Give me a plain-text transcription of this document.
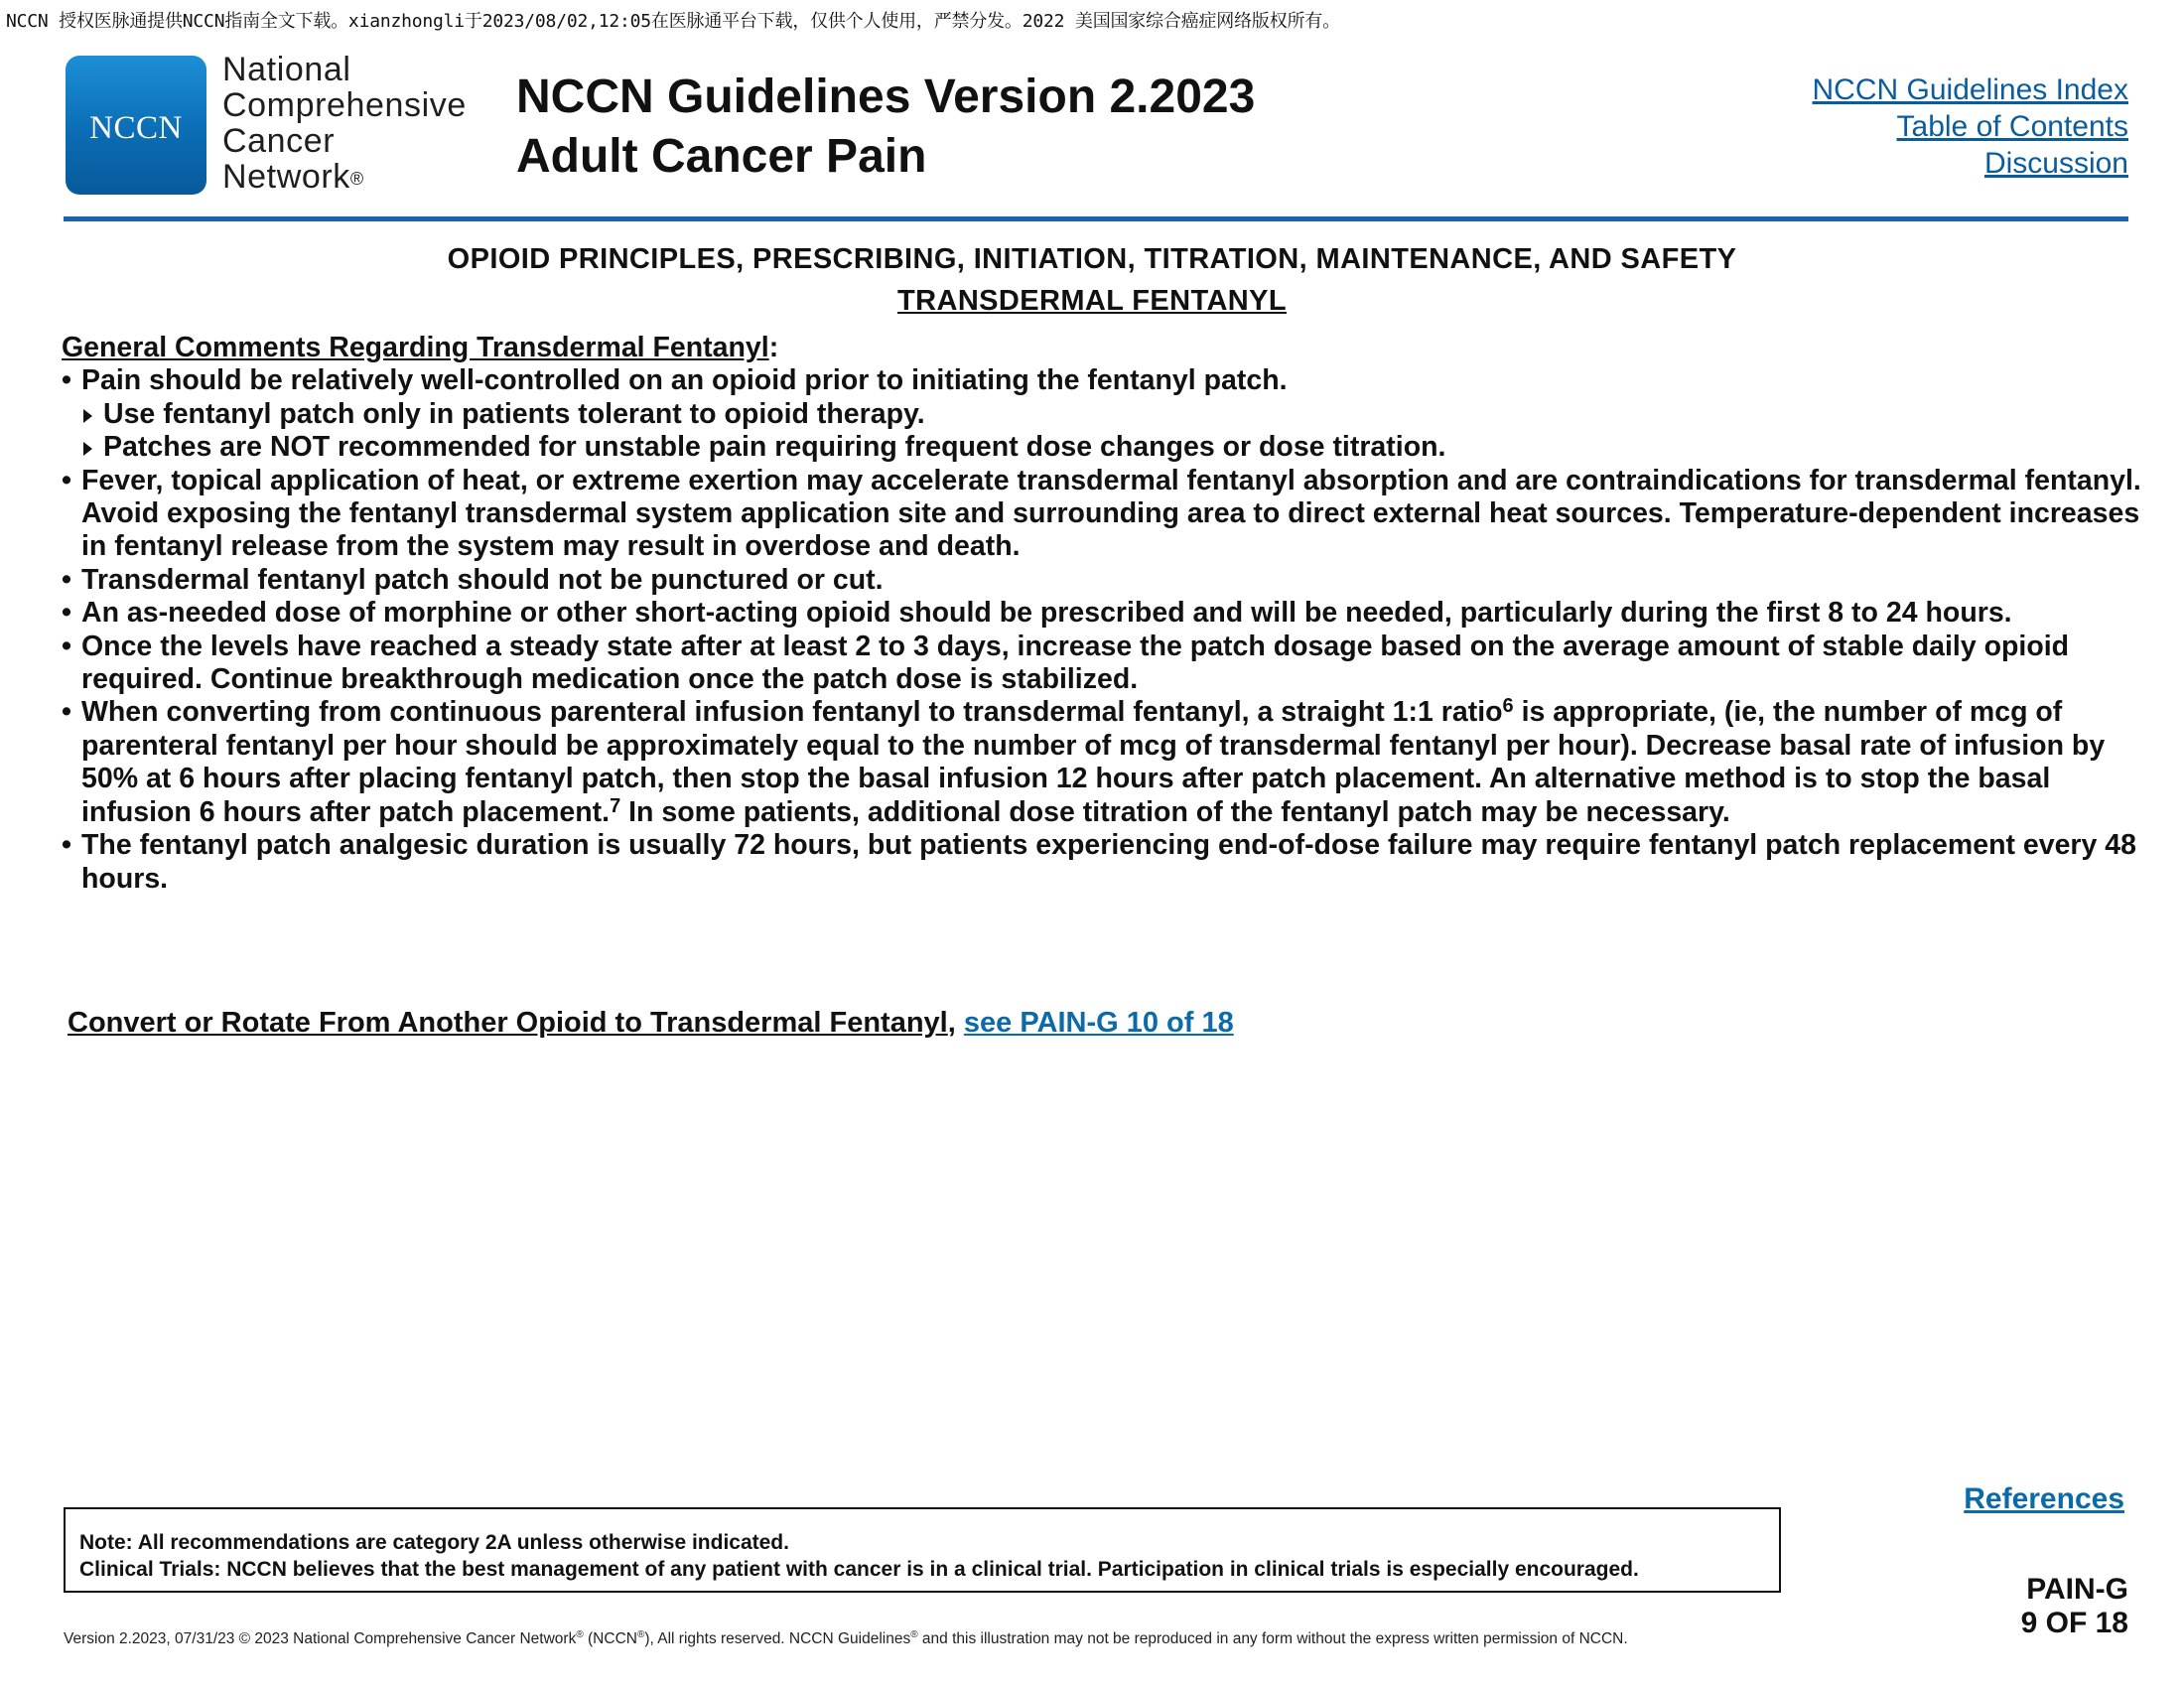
NCCN 授权医脉通提供NCCN指南全文下载。xianzhongli于2023/08/02,12:05在医脉通平台下载，仅供个人使用，严禁分发。2022 美国国家综合癌症网络版权所有。
NCCN
National
Comprehensive
Cancer
Network®
NCCN Guidelines Version 2.2023
Adult Cancer Pain
NCCN Guidelines Index
Table of Contents
Discussion
OPIOID PRINCIPLES, PRESCRIBING, INITIATION, TITRATION, MAINTENANCE, AND SAFETY
TRANSDERMAL FENTANYL
General Comments Regarding Transdermal Fentanyl:
• Pain should be relatively well-controlled on an opioid prior to initiating the fentanyl patch.
Use fentanyl patch only in patients tolerant to opioid therapy.
Patches are NOT recommended for unstable pain requiring frequent dose changes or dose titration.
• Fever, topical application of heat, or extreme exertion may accelerate transdermal fentanyl absorption and are contraindications for transdermal fentanyl. Avoid exposing the fentanyl transdermal system application site and surrounding area to direct external heat sources. Temperature-dependent increases in fentanyl release from the system may result in overdose and death.
• Transdermal fentanyl patch should not be punctured or cut.
• An as-needed dose of morphine or other short-acting opioid should be prescribed and will be needed, particularly during the first 8 to 24 hours.
• Once the levels have reached a steady state after at least 2 to 3 days, increase the patch dosage based on the average amount of stable daily opioid required. Continue breakthrough medication once the patch dose is stabilized.
• When converting from continuous parenteral infusion fentanyl to transdermal fentanyl, a straight 1:1 ratio$^6$ is appropriate, (ie, the number of mcg of parenteral fentanyl per hour should be approximately equal to the number of mcg of transdermal fentanyl per hour). Decrease basal rate of infusion by 50% at 6 hours after placing fentanyl patch, then stop the basal infusion 12 hours after patch placement. An alternative method is to stop the basal infusion 6 hours after patch placement.$^7$ In some patients, additional dose titration of the fentanyl patch may be necessary.
• The fentanyl patch analgesic duration is usually 72 hours, but patients experiencing end-of-dose failure may require fentanyl patch replacement every 48 hours.
Convert or Rotate From Another Opioid to Transdermal Fentanyl, see PAIN-G 10 of 18
References
Note: All recommendations are category 2A unless otherwise indicated.
Clinical Trials: NCCN believes that the best management of any patient with cancer is in a clinical trial. Participation in clinical trials is especially encouraged.
PAIN-G
9 OF 18
Version 2.2023, 07/31/23 © 2023 National Comprehensive Cancer Network® (NCCN®), All rights reserved. NCCN Guidelines® and this illustration may not be reproduced in any form without the express written permission of NCCN.
